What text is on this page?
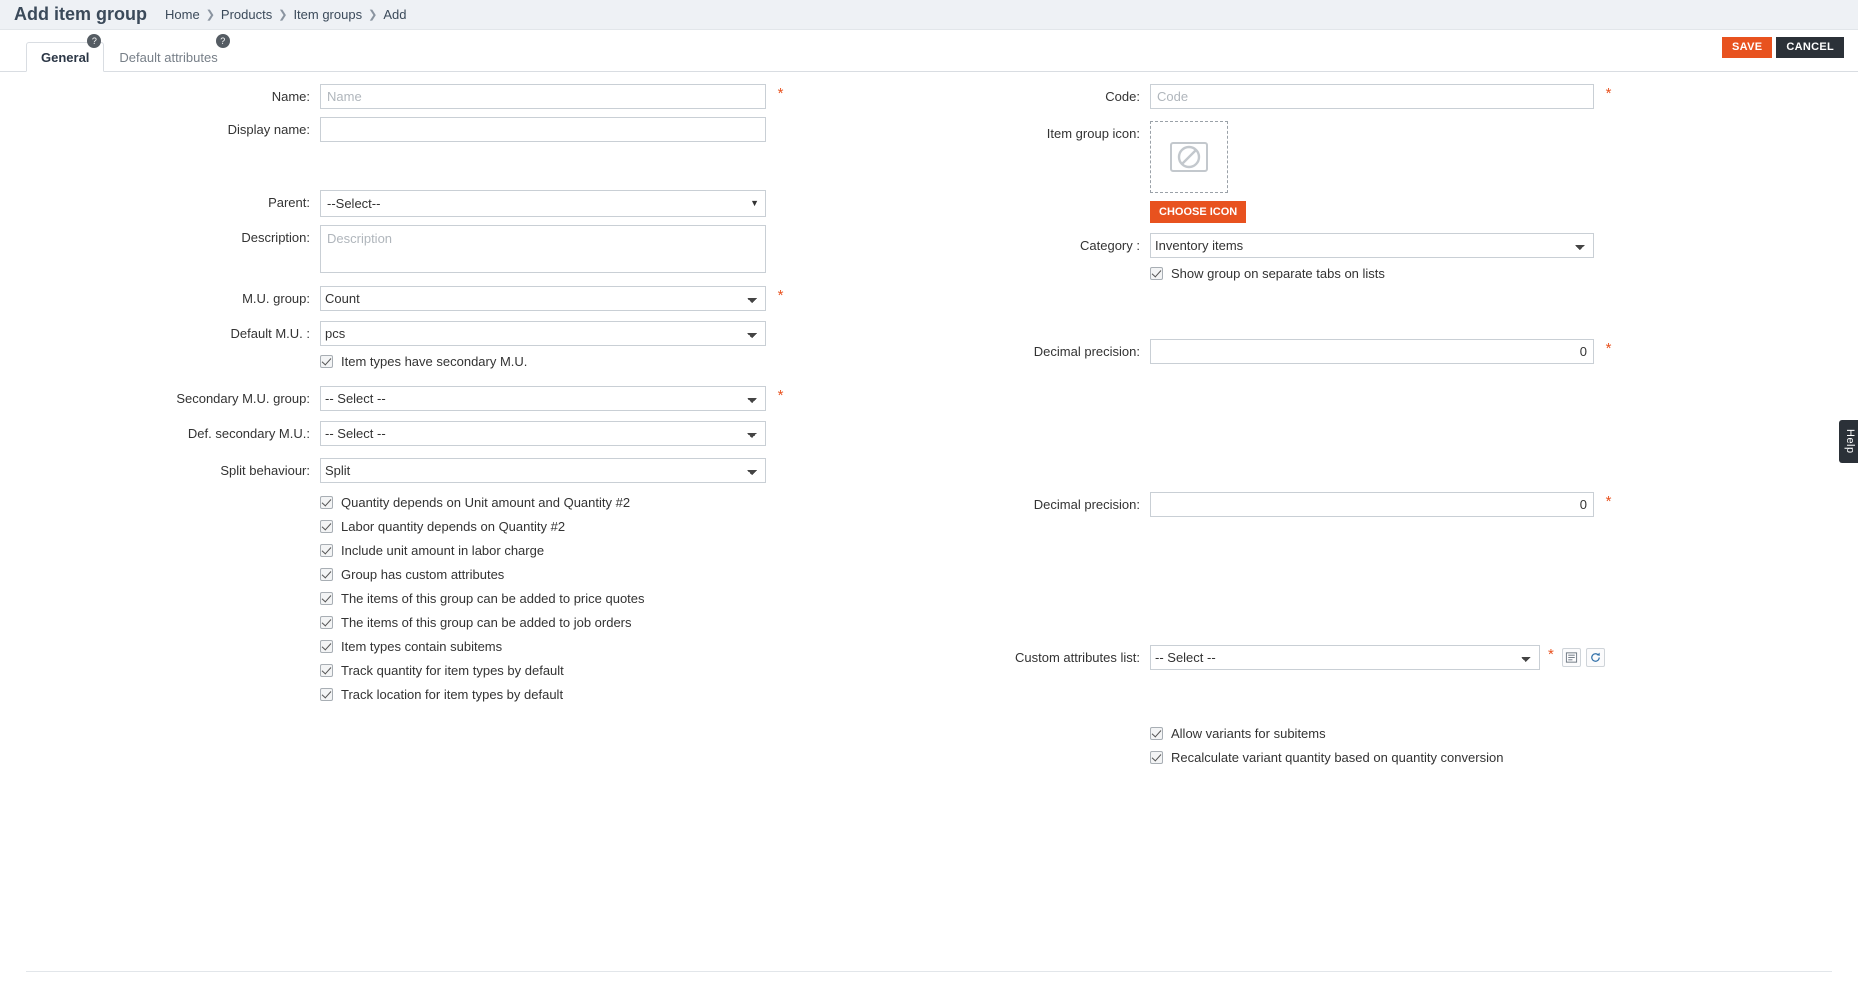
Add item group Home ❯ Products ❯ Item groups ❯ Add
General
?
Default attributes
?	SAVE	CANCEL
Name:
Name	*
Display name:
Parent:	--Select--	▼
Description:
Description
M.U. group:
Count	*
Default M.U. :
pcs
Item types have secondary M.U.
Secondary M.U. group:
-- Select --	*
Def. secondary M.U.:
-- Select --
Split behaviour:
Split
Quantity depends on Unit amount and Quantity #2
Labor quantity depends on Quantity #2
Include unit amount in labor charge
Group has custom attributes
The items of this group can be added to price quotes
The items of this group can be added to job orders
Item types contain subitems
Track quantity for item types by default
Track location for item types by default
Code:
Code	*
Item group icon:
CHOOSE ICON
Category :
Inventory items
Show group on separate tabs on lists
Decimal precision:
0	*
Decimal precision:
0	*
Custom attributes list:
-- Select --	*
Allow variants for subitems
Recalculate variant quantity based on quantity conversion
Help
